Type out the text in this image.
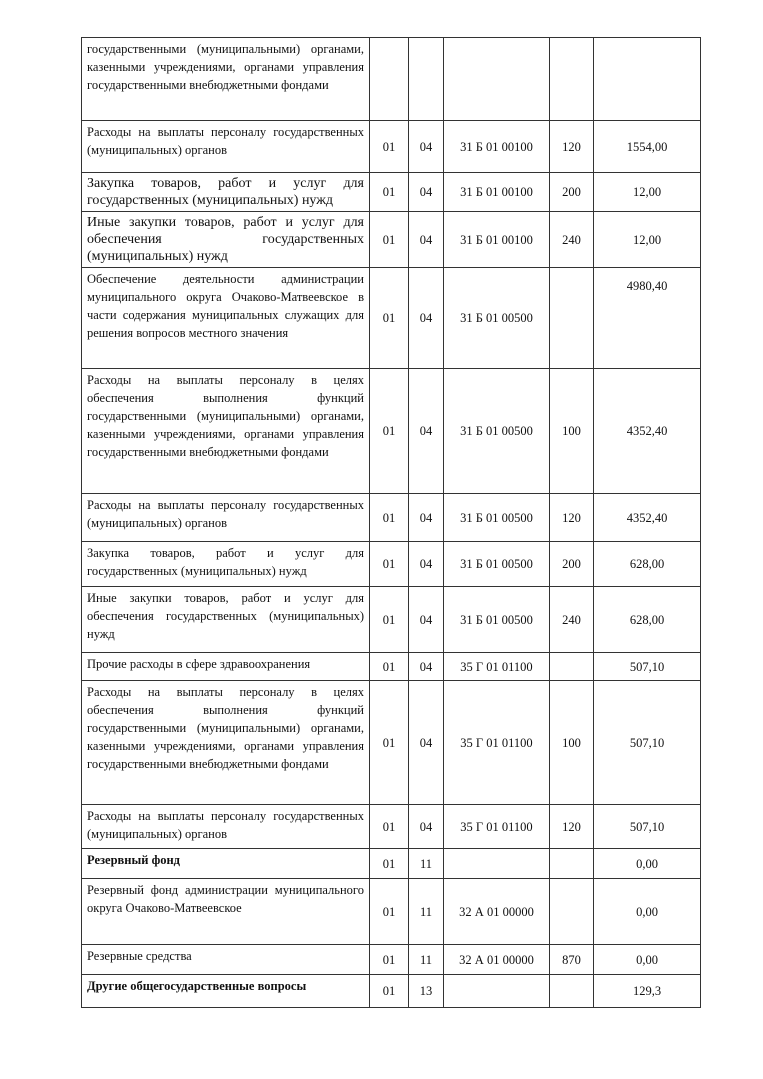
государственными (муниципальными) органами, казенными учреждениями, органами управления государственными внебюджетными фондами					
Расходы на выплаты персоналу государственных (муниципальных) органов	01	04	31 Б 01 00100	120	1554,00
Закупка товаров, работ и услуг для государственных (муниципальных) нужд	01	04	31 Б 01 00100	200	12,00
Иные закупки товаров, работ и услуг для обеспечения государственных (муниципальных) нужд	01	04	31 Б 01 00100	240	12,00
Обеспечение деятельности администрации муниципального округа Очаково-Матвеевское в части содержания муниципальных служащих для решения вопросов местного значения	01	04	31 Б 01 00500		4980,40
Расходы на выплаты персоналу в целях обеспечения выполнения функций государственными (муниципальными) органами, казенными учреждениями, органами управления государственными внебюджетными фондами	01	04	31 Б 01 00500	100	4352,40
Расходы на выплаты персоналу государственных (муниципальных) органов	01	04	31 Б 01 00500	120	4352,40
Закупка товаров, работ и услуг для государственных (муниципальных) нужд	01	04	31 Б 01 00500	200	628,00
Иные закупки товаров, работ и услуг для обеспечения государственных (муниципальных) нужд	01	04	31 Б 01 00500	240	628,00
Прочие расходы в сфере здравоохранения	01	04	35 Г 01 01100		507,10
Расходы на выплаты персоналу в целях обеспечения выполнения функций государственными (муниципальными) органами, казенными учреждениями, органами управления государственными внебюджетными фондами	01	04	35 Г 01 01100	100	507,10
Расходы на выплаты персоналу государственных (муниципальных) органов	01	04	35 Г 01 01100	120	507,10
Резервный фонд	01	11			0,00
Резервный фонд администрации муниципального округа Очаково-Матвеевское	01	11	32 А 01 00000		0,00
Резервные средства	01	11	32 А 01 00000	870	0,00
Другие общегосударственные вопросы	01	13			129,3
